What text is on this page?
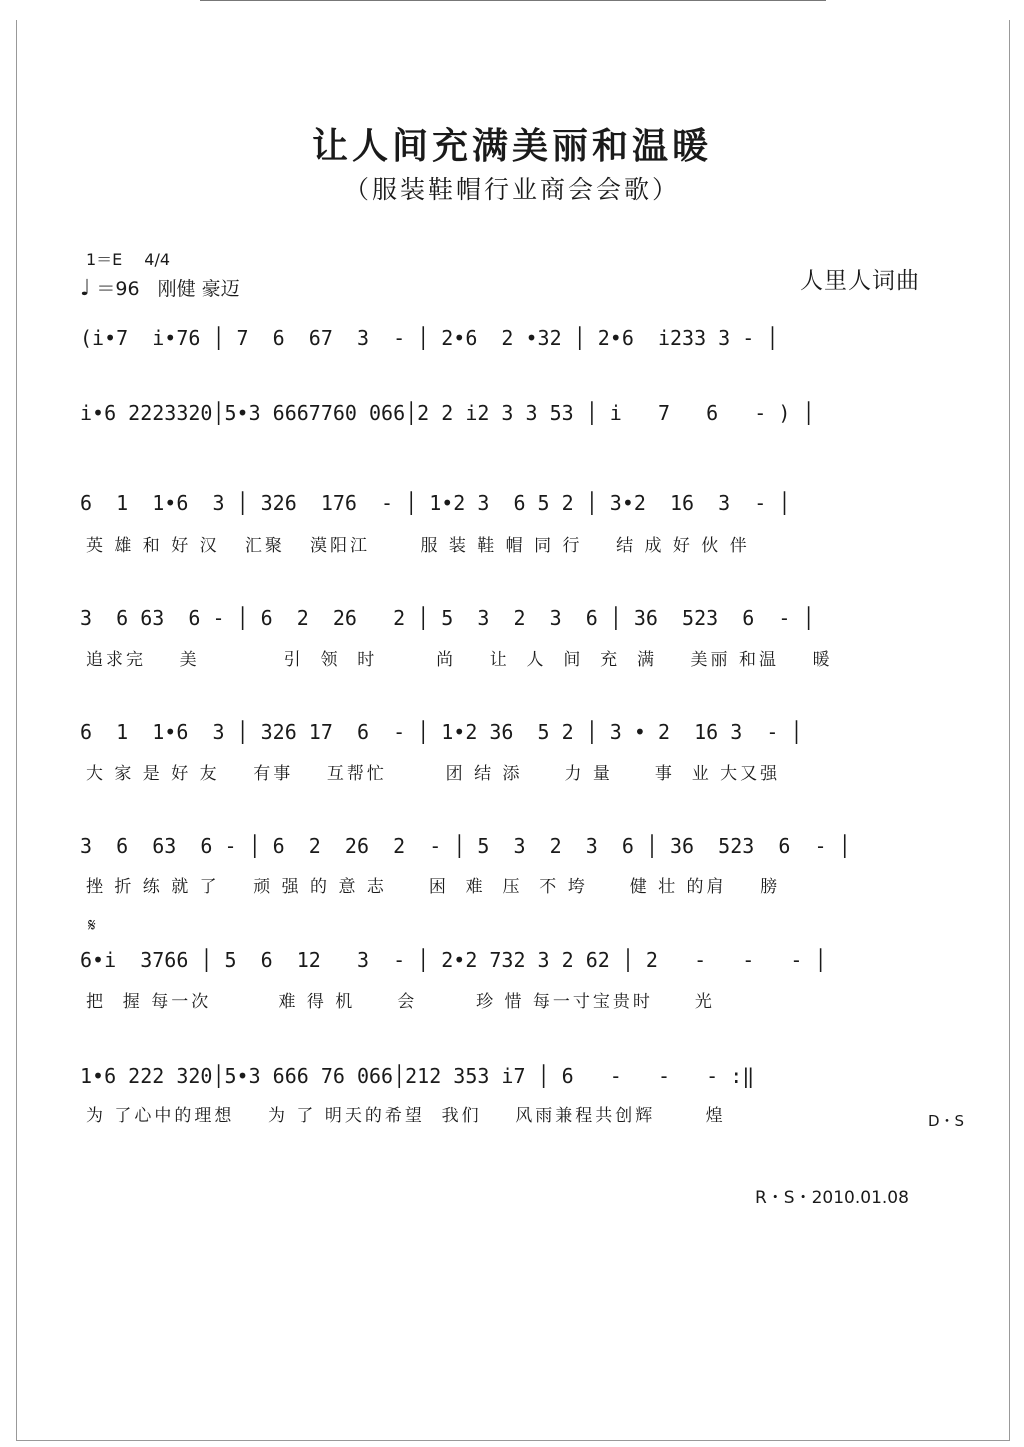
让人间充满美丽和温暖
（服装鞋帽行业商会会歌）
1＝E 4/4
♩ ＝96 刚健 豪迈	人里人词曲
(i•7  i•76 │ 7  6  67  3  - │ 2•6  2 •32 │ 2•6  i233 3 - │
i•6 2223320│5•3 6667760 066│2 2 i2 3 3 53 │ i   7   6   - ) │
6  1  1•6  3 │ 326  176  - │ 1•2 3  6 5 2 │ 3•2  16  3  - │
英 雄 和 好 汉   汇聚   漠阳江      服 装 鞋 帽 同 行    结 成 好 伙 伴
3  6 63  6 - │ 6  2  26   2 │ 5  3  2  3  6 │ 36  523  6  - │
追求完    美          引  领  时       尚    让  人  间  充  满    美丽 和温    暖
6  1  1•6  3 │ 326 17  6  - │ 1•2 36  5 2 │ 3 • 2  16 3  - │
大 家 是 好 友    有事    互帮忙       团 结 添     力 量     事  业 大又强
3  6  63  6 - │ 6  2  26  2  - │ 5  3  2  3  6 │ 36  523  6  - │
挫 折 练 就 了    顽 强 的 意 志     困  难  压  不 垮     健 壮 的肩    膀
𝄋
6•i  3766 │ 5  6  12   3  - │ 2•2 732 3 2 62 │ 2   -   -   - │
把  握 每一次        难 得 机     会       珍 惜 每一寸宝贵时     光
1•6 222 320│5•3 666 76 066│212 353 i7 │ 6   -   -   - :‖
为 了心中的理想    为 了 明天的希望  我们    风雨兼程共创辉      煌	D・S
R・S・2010.01.08
